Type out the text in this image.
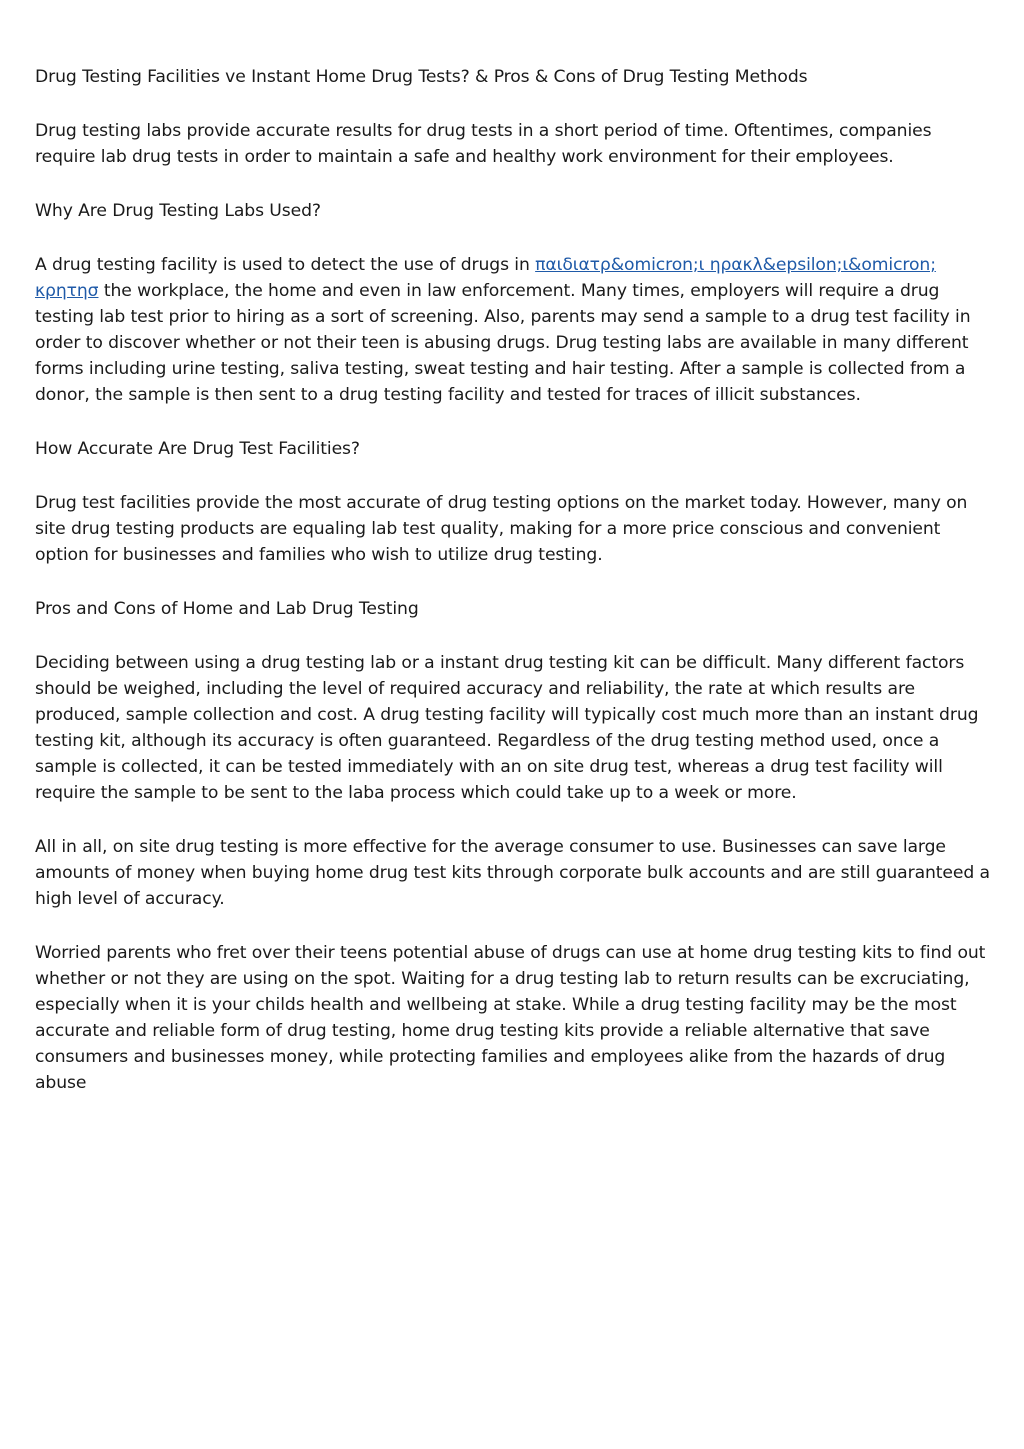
Drug Testing Facilities ve Instant Home Drug Tests? & Pros & Cons of Drug Testing Methods

Drug testing labs provide accurate results for drug tests in a short period of time. Oftentimes, companies require lab drug tests in order to maintain a safe and healthy work environment for their employees.

Why Are Drug Testing Labs Used?

A drug testing facility is used to detect the use of drugs in παιδιατρ&omicron;ι ηρακλ&epsilon;ι&omicron; κρητησ the workplace, the home and even in law enforcement. Many times, employers will require a drug testing lab test prior to hiring as a sort of screening. Also, parents may send a sample to a drug test facility in order to discover whether or not their teen is abusing drugs. Drug testing labs are available in many different forms including urine testing, saliva testing, sweat testing and hair testing. After a sample is collected from a donor, the sample is then sent to a drug testing facility and tested for traces of illicit substances.

How Accurate Are Drug Test Facilities?

Drug test facilities provide the most accurate of drug testing options on the market today. However, many on site drug testing products are equaling lab test quality, making for a more price conscious and convenient option for businesses and families who wish to utilize drug testing.

Pros and Cons of Home and Lab Drug Testing

Deciding between using a drug testing lab or a instant drug testing kit can be difficult. Many different factors should be weighed, including the level of required accuracy and reliability, the rate at which results are produced, sample collection and cost. A drug testing facility will typically cost much more than an instant drug testing kit, although its accuracy is often guaranteed. Regardless of the drug testing method used, once a sample is collected, it can be tested immediately with an on site drug test, whereas a drug test facility will require the sample to be sent to the laba process which could take up to a week or more.

All in all, on site drug testing is more effective for the average consumer to use. Businesses can save large amounts of money when buying home drug test kits through corporate bulk accounts and are still guaranteed a high level of accuracy.

Worried parents who fret over their teens potential abuse of drugs can use at home drug testing kits to find out whether or not they are using on the spot. Waiting for a drug testing lab to return results can be excruciating, especially when it is your childs health and wellbeing at stake. While a drug testing facility may be the most accurate and reliable form of drug testing, home drug testing kits provide a reliable alternative that save consumers and businesses money, while protecting families and employees alike from the hazards of drug abuse
